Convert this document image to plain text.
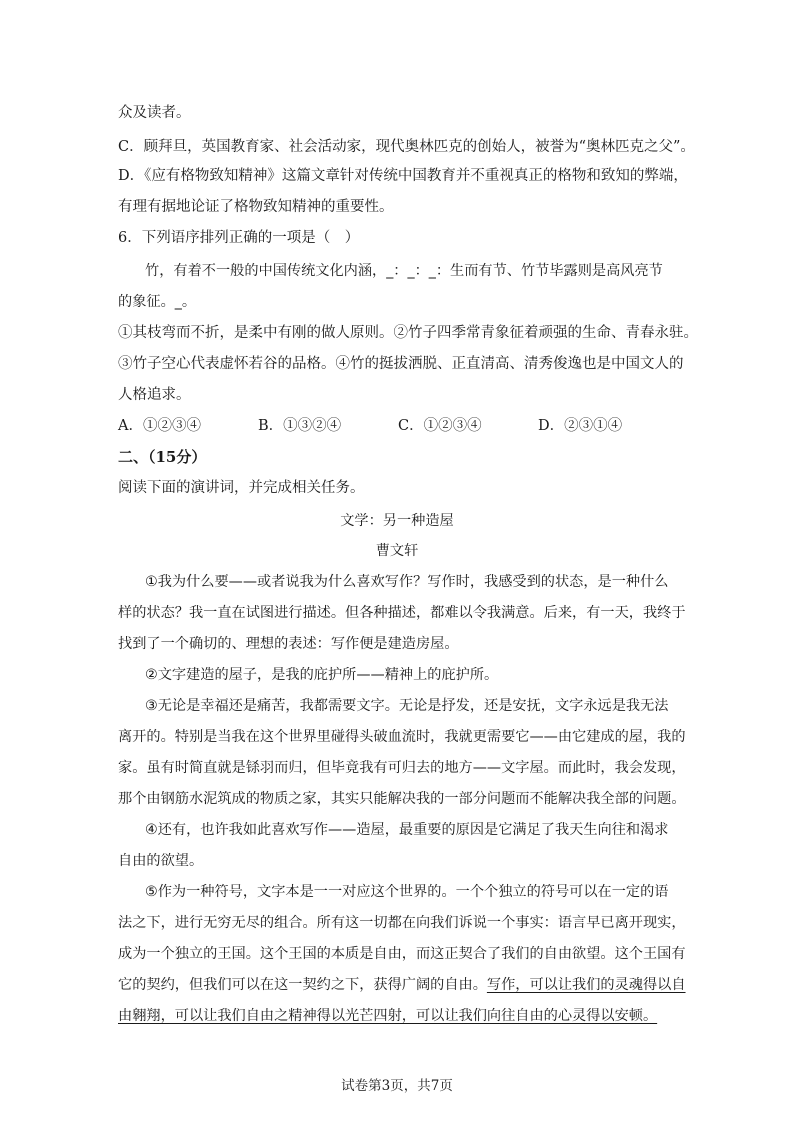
众及读者。
C．顾拜旦，英国教育家、社会活动家，现代奥林匹克的创始人，被誉为“奥林匹克之父”。
D．《应有格物致知精神》这篇文章针对传统中国教育并不重视真正的格物和致知的弊端，
有理有据地论证了格物致知精神的重要性。
6．下列语序排列正确的一项是（　）
竹，有着不一般的中国传统文化内涵，_：_：_：生而有节、竹节毕露则是高风亮节
的象征。_。
①其枝弯而不折，是柔中有刚的做人原则。②竹子四季常青象征着顽强的生命、青春永驻。
③竹子空心代表虚怀若谷的品格。④竹的挺拔洒脱、正直清高、清秀俊逸也是中国文人的
人格追求。
A．①②③④	B．①③②④	C．①②③④	D．②③①④
二、（15分）
阅读下面的演讲词，并完成相关任务。
文学：另一种造屋
曹文轩
①我为什么要——或者说我为什么喜欢写作？写作时，我感受到的状态，是一种什么
样的状态？我一直在试图进行描述。但各种描述，都难以令我满意。后来，有一天，我终于
找到了一个确切的、理想的表述：写作便是建造房屋。
②文字建造的屋子，是我的庇护所——精神上的庇护所。
③无论是幸福还是痛苦，我都需要文字。无论是抒发，还是安抚，文字永远是我无法
离开的。特别是当我在这个世界里碰得头破血流时，我就更需要它——由它建成的屋，我的
家。虽有时简直就是铩羽而归，但毕竟我有可归去的地方——文字屋。而此时，我会发现，
那个由钢筋水泥筑成的物质之家，其实只能解决我的一部分问题而不能解决我全部的问题。
④还有，也许我如此喜欢写作——造屋，最重要的原因是它满足了我天生向往和渴求
自由的欲望。
⑤作为一种符号，文字本是一一对应这个世界的。一个个独立的符号可以在一定的语
法之下，进行无穷无尽的组合。所有这一切都在向我们诉说一个事实：语言早已离开现实，
成为一个独立的王国。这个王国的本质是自由，而这正契合了我们的自由欲望。这个王国有
它的契约，但我们可以在这一契约之下，获得广阔的自由。写作，可以让我们的灵魂得以自
由翱翔，可以让我们自由之精神得以光芒四射，可以让我们向往自由的心灵得以安顿。
试卷第3页，共7页
